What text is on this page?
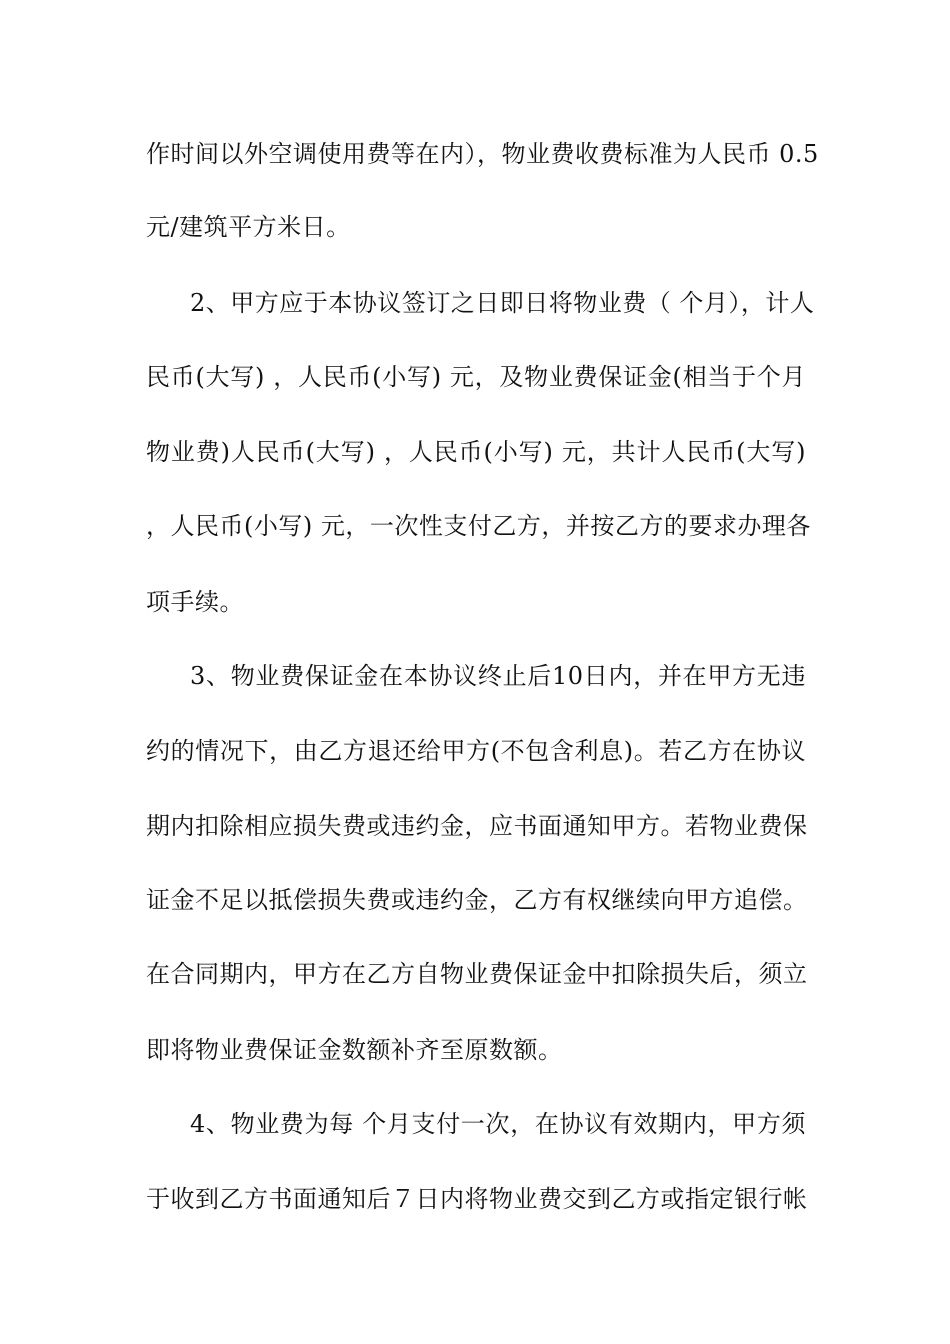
作时间以外空调使用费等在内），物业费收费标准为人民币 0.5
元/建筑平方米日。
2、甲方应于本协议签订之日即日将物业费（ 个月），计人
民币(大写) ，人民币(小写) 元，及物业费保证金(相当于个月
物业费)人民币(大写) ，人民币(小写) 元，共计人民币(大写)
，人民币(小写) 元，一次性支付乙方，并按乙方的要求办理各
项手续。
3、物业费保证金在本协议终止后10日内，并在甲方无违
约的情况下，由乙方退还给甲方(不包含利息)。若乙方在协议
期内扣除相应损失费或违约金，应书面通知甲方。若物业费保
证金不足以抵偿损失费或违约金，乙方有权继续向甲方追偿。
在合同期内，甲方在乙方自物业费保证金中扣除损失后，须立
即将物业费保证金数额补齐至原数额。
4、物业费为每 个月支付一次，在协议有效期内，甲方须
于收到乙方书面通知后７日内将物业费交到乙方或指定银行帐
